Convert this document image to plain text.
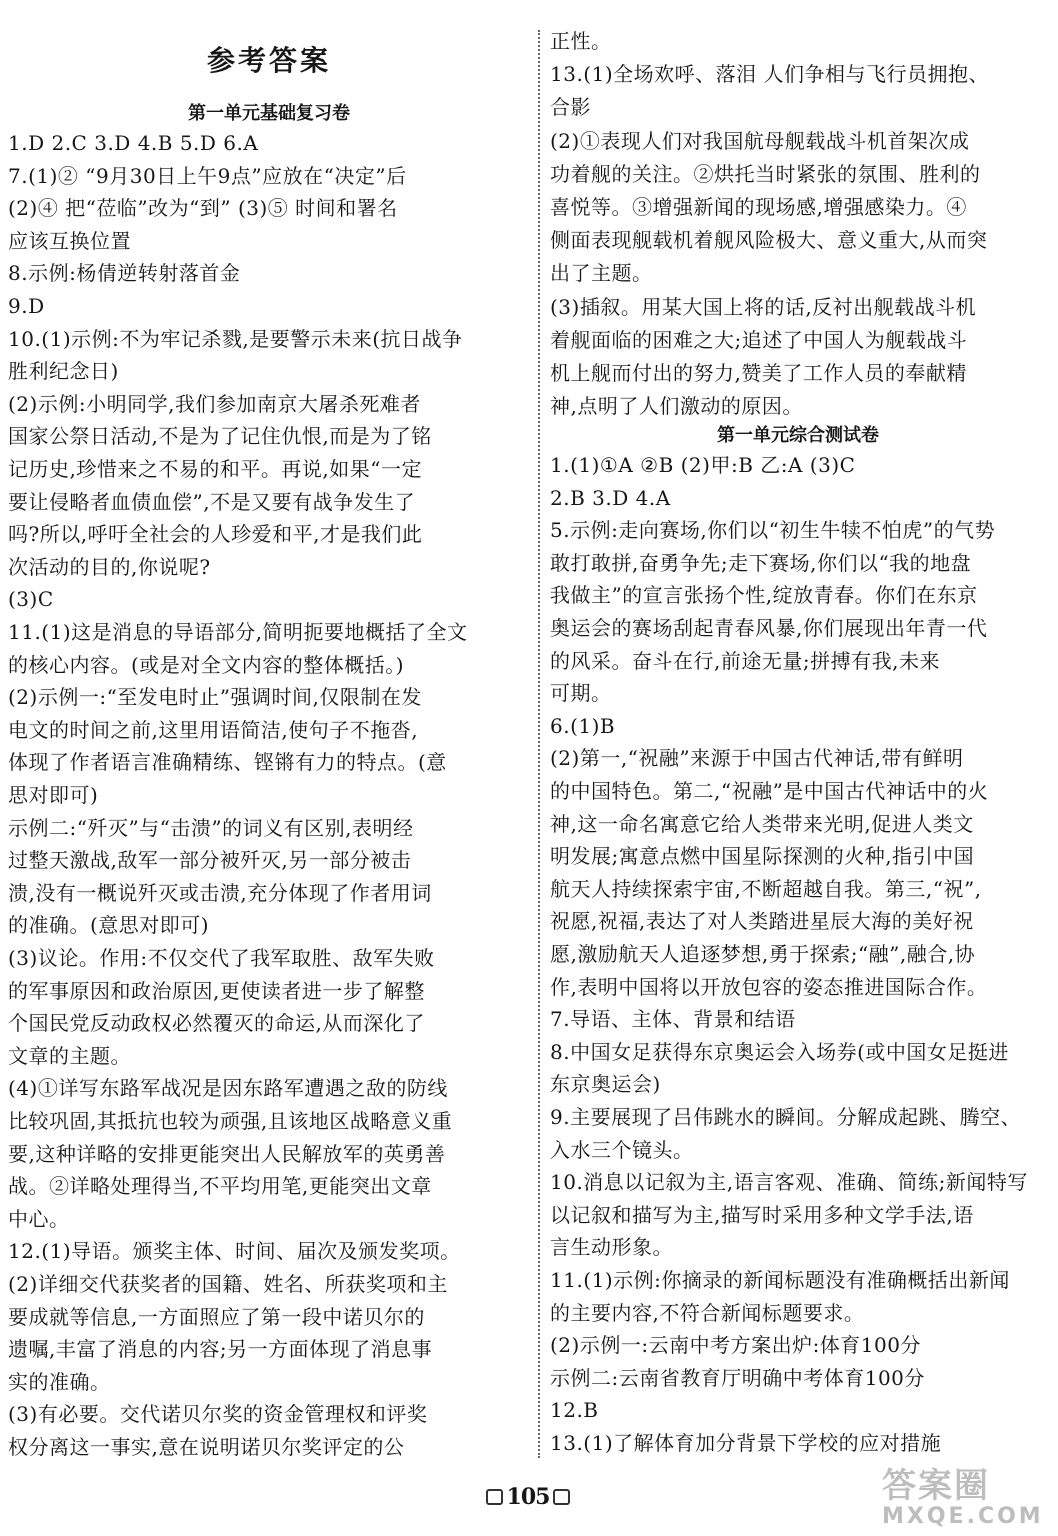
参考答案
第一单元基础复习卷

1.D 2.C 3.D 4.B 5.D 6.A

7.(1)② “9月30日上午9点”应放在“决定”后

(2)④ 把“莅临”改为“到” (3)⑤ 时间和署名

应该互换位置

8.示例:杨倩逆转射落首金

9.D

10.(1)示例:不为牢记杀戮,是要警示未来(抗日战争

胜利纪念日)

(2)示例:小明同学,我们参加南京大屠杀死难者

国家公祭日活动,不是为了记住仇恨,而是为了铭

记历史,珍惜来之不易的和平。再说,如果“一定

要让侵略者血债血偿”,不是又要有战争发生了

吗?所以,呼吁全社会的人珍爱和平,才是我们此

次活动的目的,你说呢?

(3)C

11.(1)这是消息的导语部分,简明扼要地概括了全文

的核心内容。(或是对全文内容的整体概括。)

(2)示例一:“至发电时止”强调时间,仅限制在发

电文的时间之前,这里用语简洁,使句子不拖沓,

体现了作者语言准确精练、铿锵有力的特点。(意

思对即可)

示例二:“歼灭”与“击溃”的词义有区别,表明经

过整天激战,敌军一部分被歼灭,另一部分被击

溃,没有一概说歼灭或击溃,充分体现了作者用词

的准确。(意思对即可)

(3)议论。作用:不仅交代了我军取胜、敌军失败

的军事原因和政治原因,更使读者进一步了解整

个国民党反动政权必然覆灭的命运,从而深化了

文章的主题。

(4)①详写东路军战况是因东路军遭遇之敌的防线

比较巩固,其抵抗也较为顽强,且该地区战略意义重

要,这种详略的安排更能突出人民解放军的英勇善

战。②详略处理得当,不平均用笔,更能突出文章

中心。

12.(1)导语。颁奖主体、时间、届次及颁发奖项。

(2)详细交代获奖者的国籍、姓名、所获奖项和主

要成就等信息,一方面照应了第一段中诺贝尔的

遗嘱,丰富了消息的内容;另一方面体现了消息事

实的准确。

(3)有必要。交代诺贝尔奖的资金管理权和评奖

权分离这一事实,意在说明诺贝尔奖评定的公

正性。

13.(1)全场欢呼、落泪 人们争相与飞行员拥抱、

合影

(2)①表现人们对我国航母舰载战斗机首架次成

功着舰的关注。②烘托当时紧张的氛围、胜利的

喜悦等。③增强新闻的现场感,增强感染力。④

侧面表现舰载机着舰风险极大、意义重大,从而突

出了主题。

(3)插叙。用某大国上将的话,反衬出舰载战斗机

着舰面临的困难之大;追述了中国人为舰载战斗

机上舰而付出的努力,赞美了工作人员的奉献精

神,点明了人们激动的原因。

第一单元综合测试卷

1.(1)①A ②B (2)甲:B 乙:A (3)C

2.B 3.D 4.A

5.示例:走向赛场,你们以“初生牛犊不怕虎”的气势

敢打敢拼,奋勇争先;走下赛场,你们以“我的地盘

我做主”的宣言张扬个性,绽放青春。你们在东京

奥运会的赛场刮起青春风暴,你们展现出年青一代

的风采。奋斗在行,前途无量;拼搏有我,未来

可期。

6.(1)B

(2)第一,“祝融”来源于中国古代神话,带有鲜明

的中国特色。第二,“祝融”是中国古代神话中的火

神,这一命名寓意它给人类带来光明,促进人类文

明发展;寓意点燃中国星际探测的火种,指引中国

航天人持续探索宇宙,不断超越自我。第三,“祝”,

祝愿,祝福,表达了对人类踏进星辰大海的美好祝

愿,激励航天人追逐梦想,勇于探索;“融”,融合,协

作,表明中国将以开放包容的姿态推进国际合作。

7.导语、主体、背景和结语

8.中国女足获得东京奥运会入场券(或中国女足挺进

东京奥运会)

9.主要展现了吕伟跳水的瞬间。分解成起跳、腾空、

入水三个镜头。

10.消息以记叙为主,语言客观、准确、简练;新闻特写

以记叙和描写为主,描写时采用多种文学手法,语

言生动形象。

11.(1)示例:你摘录的新闻标题没有准确概括出新闻

的主要内容,不符合新闻标题要求。

(2)示例一:云南中考方案出炉:体育100分

示例二:云南省教育厅明确中考体育100分

12.B

13.(1)了解体育加分背景下学校的应对措施

105	答案圈
MXQE.COM
